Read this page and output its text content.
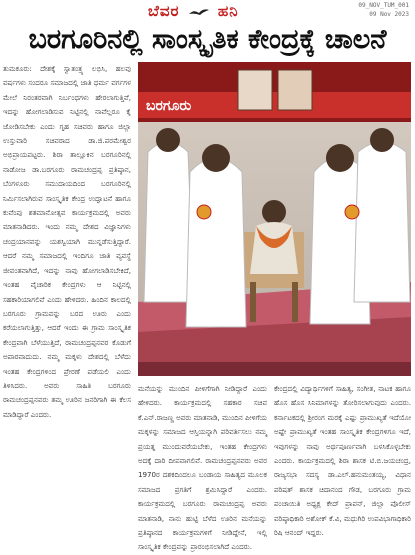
ಬೆವರ	ಹನಿ	09_NOV_TUM_001
09 Nov 2023
ಬರಗೂರಿನಲ್ಲಿ ಸಾಂಸ್ಕೃತಿಕ ಕೇಂದ್ರಕ್ಕೆ ಚಾಲನೆ

ತುಮಕೂರು: ದೇಶಕ್ಕೆ ಸ್ವಾತಂತ್ರ್ಯ ಲಭಿಸಿ, ಹಲವು ವರ್ಷಗಳು ಸಂದರೂ ಸಮಾಜದಲ್ಲಿ ಜಾತಿ ಧರ್ಮ ವರ್ಗಗಳ ಮೇಲೆ ನಿರಂತರವಾಗಿ ನಿರ್ಬಂಧಗಳು ಹೇರಲಾಗುತ್ತಿವೆ, ಇದನ್ನು ಹೋಗಲಾಡಿಸುವ ನಿಟ್ಟಿನಲ್ಲಿ ನಾವೆಲ್ಲರೂ ಕೈ ಜೋಡಿಸಬೇಕು ಎಂದು ಗೃಹ ಸಚಿವರು ಹಾಗೂ ಜಿಲ್ಲಾ ಉಸ್ತುವಾರಿ ಸಚಿವರಾದ ಡಾ.ಜಿ.ಪರಮೇಶ್ವರ ಅಭಿಪ್ರಾಯಪಟ್ಟರು. ಶಿರಾ ತಾಲ್ಲೂಕಿನ ಬರಗೂರಿನಲ್ಲಿ ನಾಡೋಜ ಡಾ.ಬರಗೂರು ರಾಮಚಂದ್ರಪ್ಪ ಪ್ರತಿಷ್ಠಾನ, ಬೆಂಗಳೂರು ಸಮುದಾಯದಿಂದ ಬರಗೂರಿನಲ್ಲಿ ನಿರ್ಮಿಸಲಾಗಿರುವ ಸಾಂಸ್ಕೃತಿಕ ಕೇಂದ್ರ ಉದ್ಘಾಟನೆ ಹಾಗೂ ಕುವೆಂಪು ಶತಮಾನೋತ್ಸವ ಕಾರ್ಯಕ್ರಮದಲ್ಲಿ ಅವರು ಮಾತನಾಡಿದರು. ಇಂದು ನಮ್ಮ ದೇಶದ ವಿಜ್ಞಾನಿಗಳು ಚಂದ್ರಯಾನವನ್ನು ಯಶಸ್ವಿಯಾಗಿ ಮುನ್ನಡೆಸುತ್ತಿದ್ದಾರೆ. ಆದರೆ ನಮ್ಮ ಸಮಾಜದಲ್ಲಿ ಇಂದಿಗೂ ಜಾತಿ ವ್ಯವಸ್ಥೆ ಜೀವಂತವಾಗಿದೆ, ಇದನ್ನು ನಾವು ಹೋಗಲಾಡಿಸಬೇಕಿದೆ, ಇಂತಹ ವೈಚಾರಿಕ ಕೇಂದ್ರಗಳು ಆ ನಿಟ್ಟಿನಲ್ಲಿ ಸಹಕಾರಿಯಾಗಲಿವೆ ಎಂದು ಹೇಳಿದರು. ಹಿಂದಿನ ಕಾಲದಲ್ಲಿ ಬರಗೂರು ಗ್ರಾಮವನ್ನು ಬರದ ಊರು ಎಂದು ಕರೆಯಲಾಗುತ್ತಿತ್ತು, ಆದರೆ ಇಂದು ಈ ಗ್ರಾಮ ಸಾಂಸ್ಕೃತಿಕ ಕೇಂದ್ರವಾಗಿ ಬೆಳೆಯುತ್ತಿದೆ, ರಾಮಚಂದ್ರಪ್ಪನವರ ಕೊಡುಗೆ ಅಪಾರವಾದುದು. ನಮ್ಮ ಮಕ್ಕಳು ದೇಶದಲ್ಲಿ ಬೆಳೆದು ಇಂತಹ ಕೇಂದ್ರಗಳಿಂದ ಪ್ರೇರಣೆ ಪಡೆಯಲಿ ಎಂದು ತಿಳಿಸಿದರು. ಅವರು ಸಾಹಿತಿ ಬರಗೂರು ರಾಮಚಂದ್ರಪ್ಪನವರು ತಮ್ಮ ಊರಿನ ಜನರಿಗಾಗಿ ಈ ಕೆಲಸ ಮಾಡಿದ್ದಾರೆ ಎಂದರು.

ಬರಗೂರು

ಮನೆಯನ್ನು ಮುಂದಿನ ಪೀಳಿಗೆಗಾಗಿ ನೀಡಿದ್ದಾರೆ ಎಂದು ಹೇಳಿದರು. ಕಾರ್ಯಕ್ರಮದಲ್ಲಿ ಸಹಕಾರ ಸಚಿವ ಕೆ.ಎನ್.ರಾಜಣ್ಣ ಅವರು ಮಾತನಾಡಿ, ಮುಂದಿನ ಪೀಳಿಗೆಯ ಮಕ್ಕಳನ್ನು ಸಮಾಜದ ಆಸ್ತಿಯನ್ನಾಗಿ ಪರಿವರ್ತಿಸಲು ನಮ್ಮ ಪ್ರಯತ್ನ ಮುಂದುವರೆಯಬೇಕು, ಇಂತಹ ಕೇಂದ್ರಗಳು ಅದಕ್ಕೆ ದಾರಿ ದೀಪವಾಗಲಿವೆ. ರಾಮಚಂದ್ರಪ್ಪನವರು ಅವರ 1970ರ ದಶಕದಿಂದಲೂ ಬಂಡಾಯ ಸಾಹಿತ್ಯದ ಮೂಲಕ ಸಮಾಜದ ಪ್ರಗತಿಗೆ ಶ್ರಮಿಸಿದ್ದಾರೆ ಎಂದರು. ಕಾರ್ಯಕ್ರಮದಲ್ಲಿ ಬರಗೂರು ರಾಮಚಂದ್ರಪ್ಪ ಅವರು ಮಾತನಾಡಿ, ನಾನು ಹುಟ್ಟಿ ಬೆಳೆದ ಊರಿನ ಮನೆಯನ್ನು ಪ್ರತಿಷ್ಠಾನದ ಕಾರ್ಯಕ್ರಮಗಳಿಗೆ ನೀಡಿದ್ದೇನೆ, ಇಲ್ಲಿ ಸಾಂಸ್ಕೃತಿಕ ಕೇಂದ್ರವನ್ನು ಪ್ರಾರಂಭಿಸಲಾಗಿದೆ ಎಂದರು.

ಕೇಂದ್ರದಲ್ಲಿ ವಿದ್ಯಾರ್ಥಿಗಳಿಗೆ ಸಾಹಿತ್ಯ, ಸಂಗೀತ, ನಾಟಕ ಹಾಗೂ ಹೊಸ ಹೊಸ ಸಿನಿಮಾಗಳನ್ನು ತೋರಿಸಲಾಗುವುದು ಎಂದರು. ಕರ್ನಾಟಕದಲ್ಲಿ ಶ್ರೀರಂಗ ಮರಕ್ಕೆ ಎಷ್ಟು ಪ್ರಾಮುಖ್ಯತೆ ಇದೆಯೋ ಅಷ್ಟೇ ಪ್ರಾಮುಖ್ಯತೆ ಇಂತಹ ಸಾಂಸ್ಕೃತಿಕ ಕೇಂದ್ರಗಳಿಗೂ ಇದೆ, ಇವುಗಳನ್ನು ನಾವು ಅರ್ಥಪೂರ್ಣವಾಗಿ ಬಳಸಿಕೊಳ್ಳಬೇಕು ಎಂದರು. ಕಾರ್ಯಕ್ರಮದಲ್ಲಿ ಶಿರಾ ಶಾಸಕ ಟಿ.ಬಿ.ಜಯಚಂದ್ರ, ರಾಜ್ಯಸಭಾ ಸದಸ್ಯ ಡಾ.ಎಲ್.ಹನುಮಂತಯ್ಯ, ವಿಧಾನ ಪರಿಷತ್ ಶಾಸಕ ಚಿದಾನಂದ ಗೌಡ, ಬರಗೂರು ಗ್ರಾಮ ಪಂಚಾಯಿತಿ ಅಧ್ಯಕ್ಷ ಕೇದ್ ಪ್ರಾಪನ್, ಜಿಲ್ಲಾ ಪೊಲೀಸ್ ವರಿಷ್ಠಾಧಿಕಾರಿ ಅಶೋಕ್ ಕೆ.ವಿ, ಮಧುಗಿರಿ ಉಪವಿಭಾಗಾಧಿಕಾರಿ ರಿಷಿ ಆನಂದ್ ಇದ್ದರು.
